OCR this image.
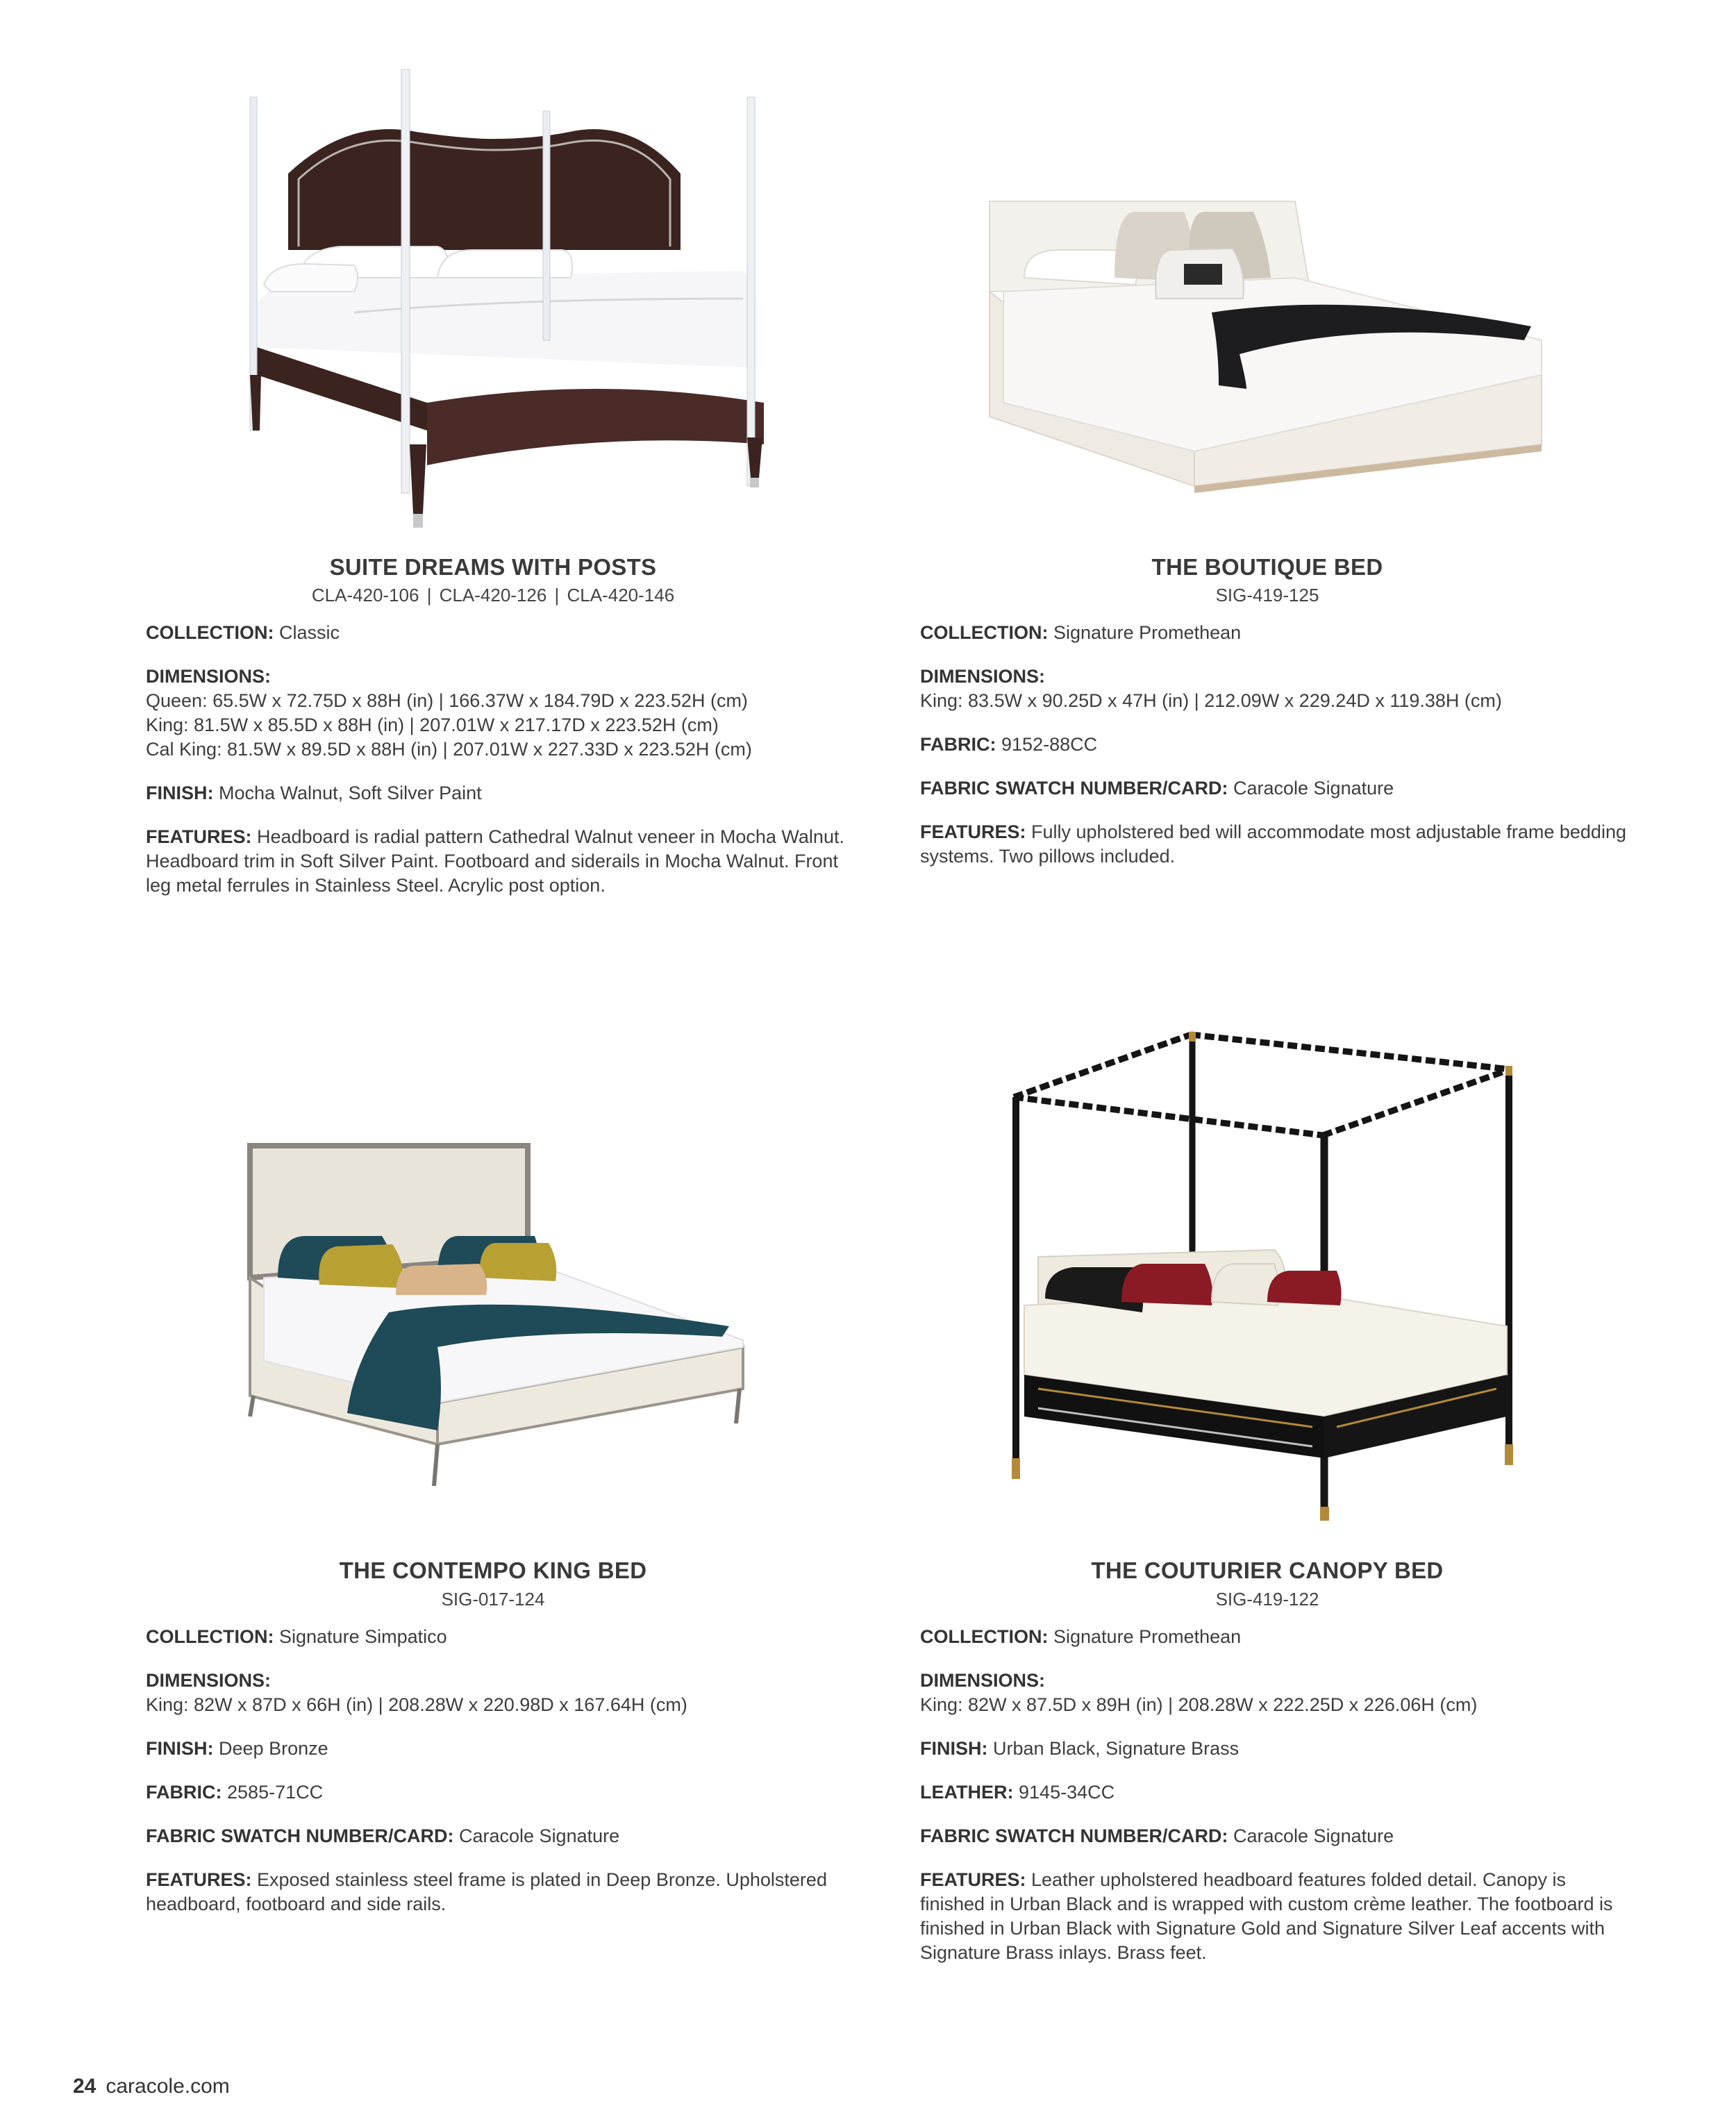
SUITE DREAMS WITH POSTS
CLA-420-106 | CLA-420-126 | CLA-420-146
COLLECTION: Classic
DIMENSIONS:
Queen: 65.5W x 72.75D x 88H (in) | 166.37W x 184.79D x 223.52H (cm)
King: 81.5W x 85.5D x 88H (in) | 207.01W x 217.17D x 223.52H (cm)
Cal King: 81.5W x 89.5D x 88H (in) | 207.01W x 227.33D x 223.52H (cm)
FINISH: Mocha Walnut, Soft Silver Paint
FEATURES: Headboard is radial pattern Cathedral Walnut veneer in Mocha Walnut. Headboard trim in Soft Silver Paint. Footboard and siderails in Mocha Walnut. Front leg metal ferrules in Stainless Steel. Acrylic post option.
THE BOUTIQUE BED
SIG-419-125
COLLECTION: Signature Promethean
DIMENSIONS:
King: 83.5W x 90.25D x 47H (in) | 212.09W x 229.24D x 119.38H (cm)
FABRIC: 9152-88CC
FABRIC SWATCH NUMBER/CARD: Caracole Signature
FEATURES: Fully upholstered bed will accommodate most adjustable frame bedding systems. Two pillows included.
THE CONTEMPO KING BED
SIG-017-124
COLLECTION: Signature Simpatico
DIMENSIONS:
King: 82W x 87D x 66H (in) | 208.28W x 220.98D x 167.64H (cm)
FINISH: Deep Bronze
FABRIC: 2585-71CC
FABRIC SWATCH NUMBER/CARD: Caracole Signature
FEATURES: Exposed stainless steel frame is plated in Deep Bronze. Upholstered headboard, footboard and side rails.
THE COUTURIER CANOPY BED
SIG-419-122
COLLECTION: Signature Promethean
DIMENSIONS:
King: 82W x 87.5D x 89H (in) | 208.28W x 222.25D x 226.06H (cm)
FINISH: Urban Black, Signature Brass
LEATHER: 9145-34CC
FABRIC SWATCH NUMBER/CARD: Caracole Signature
FEATURES: Leather upholstered headboard features folded detail. Canopy is finished in Urban Black and is wrapped with custom crème leather. The footboard is finished in Urban Black with Signature Gold and Signature Silver Leaf accents with Signature Brass inlays. Brass feet.
24 caracole.com
